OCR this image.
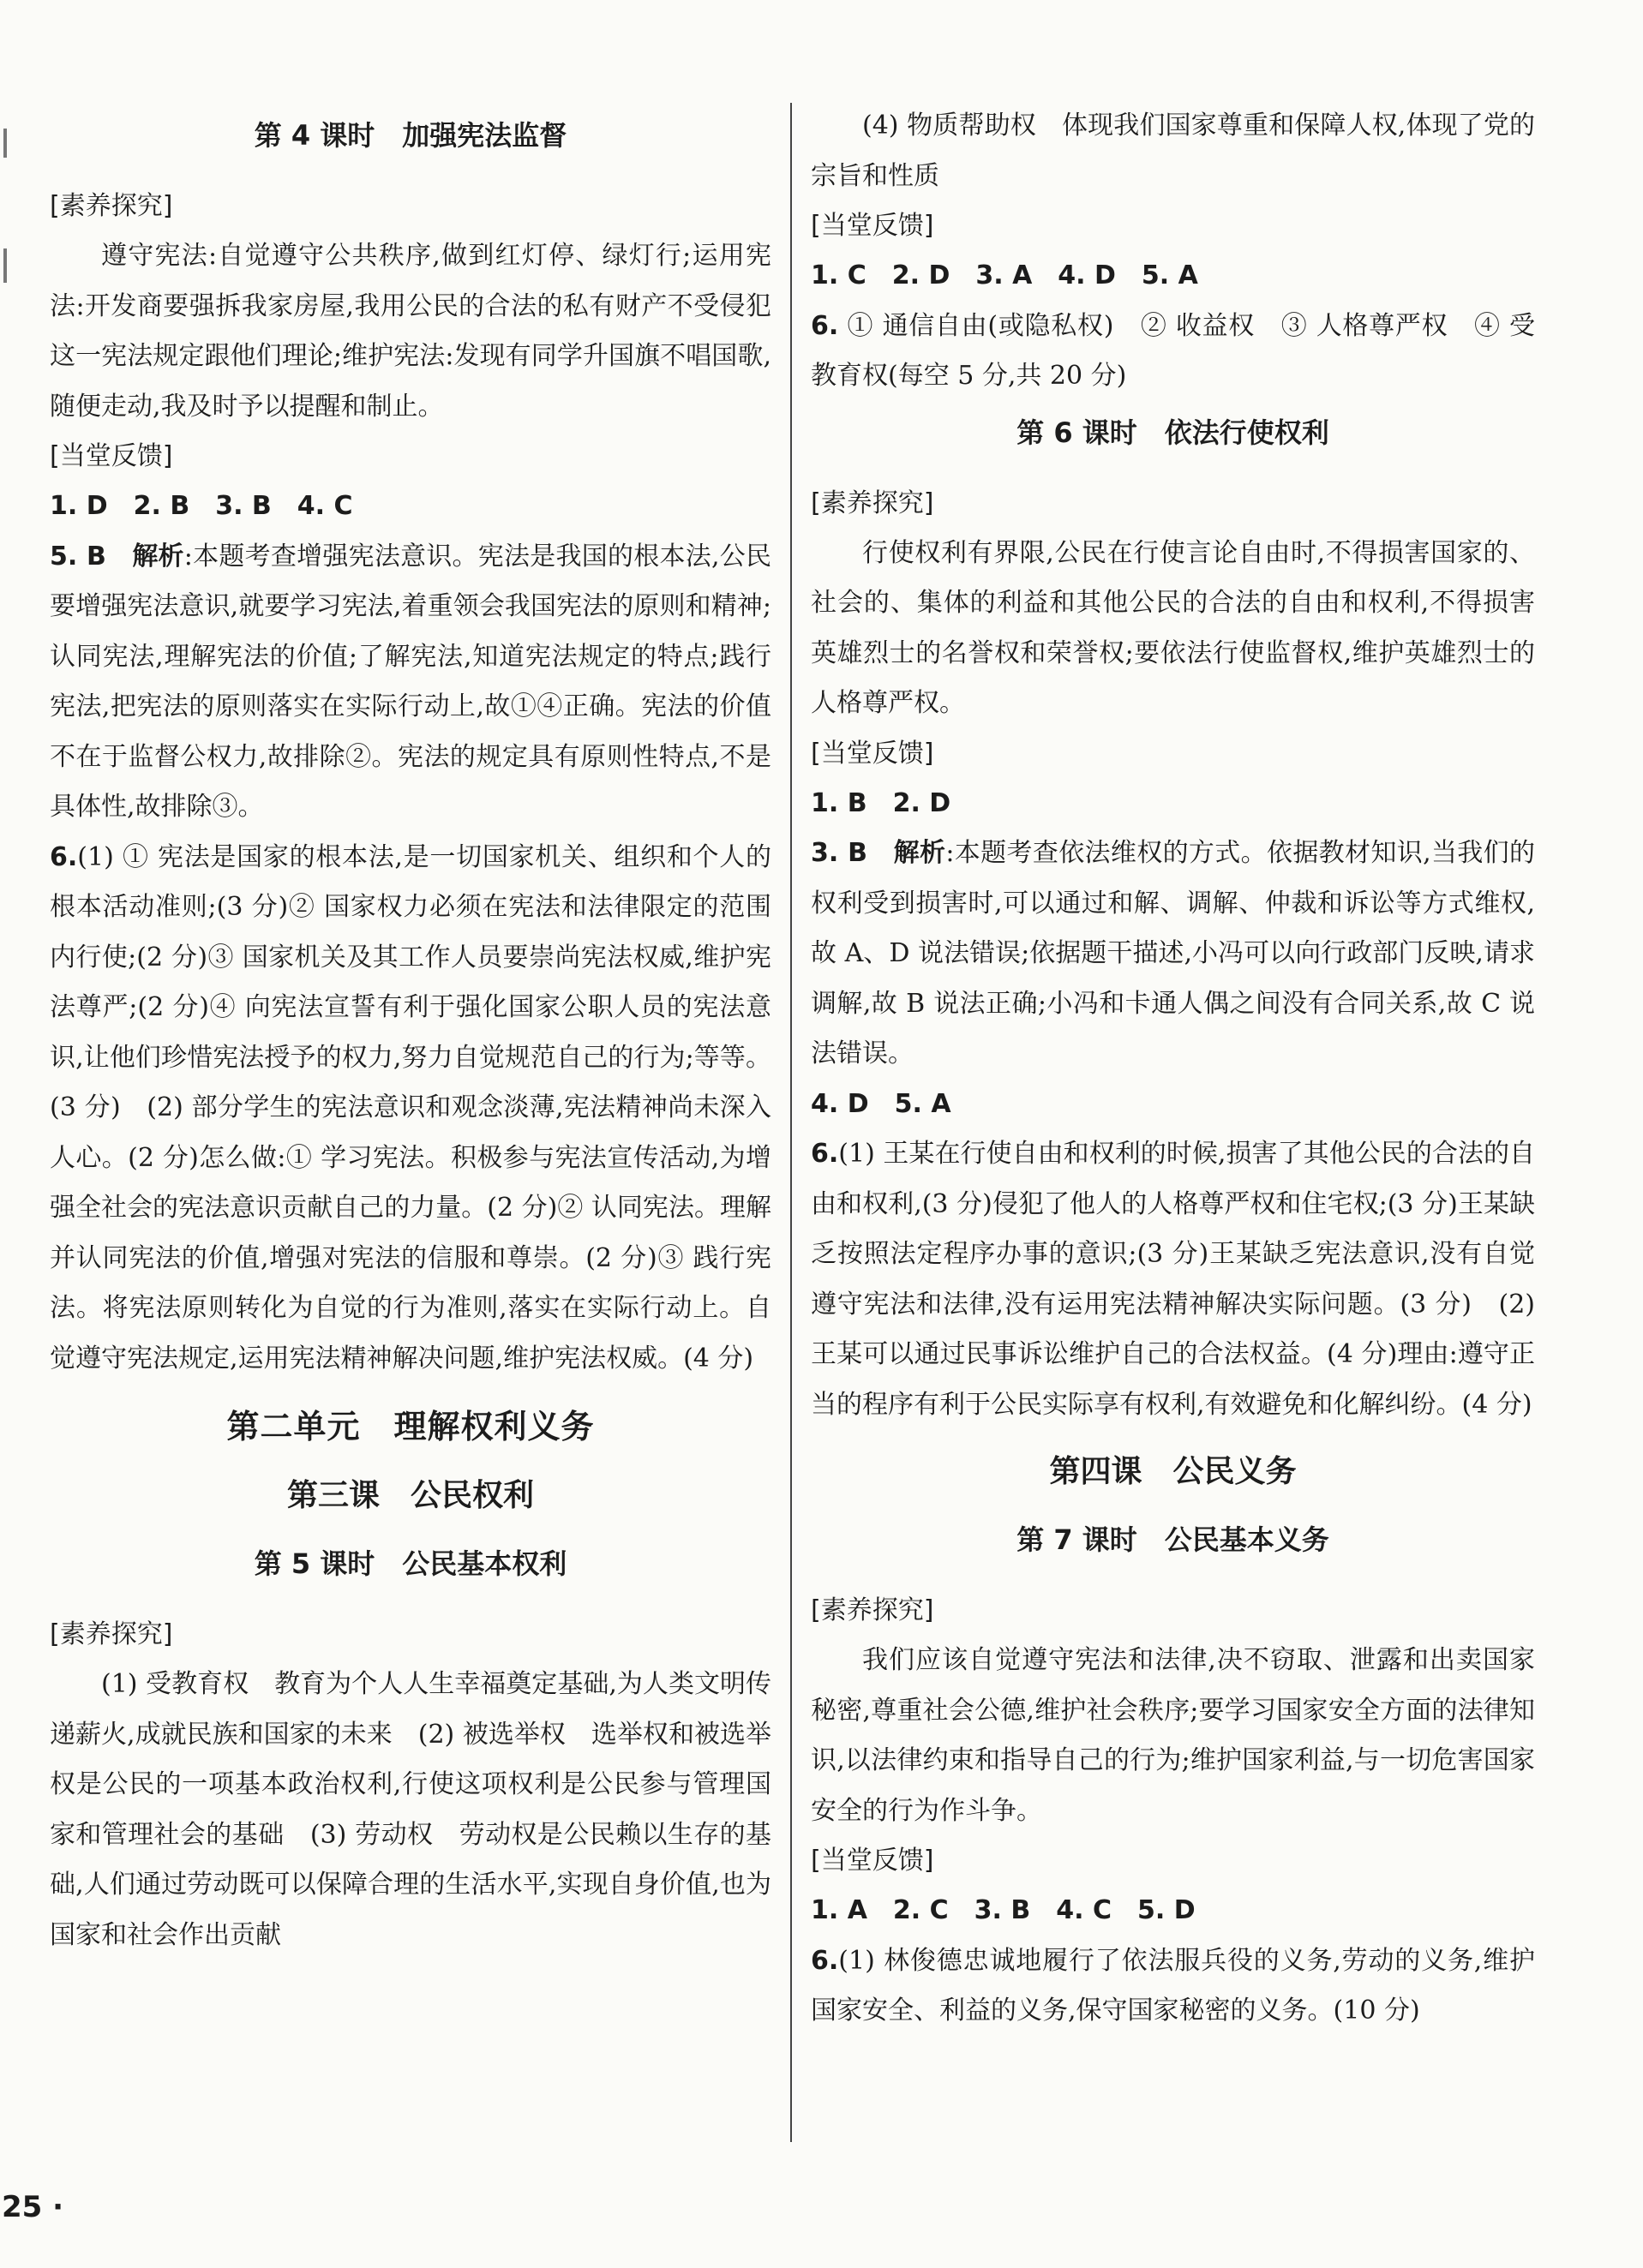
第 4 课时　加强宪法监督
[素养探究]

遵守宪法:自觉遵守公共秩序,做到红灯停、绿灯行;运用宪法:开发商要强拆我家房屋,我用公民的合法的私有财产不受侵犯这一宪法规定跟他们理论;维护宪法:发现有同学升国旗不唱国歌,随便走动,我及时予以提醒和制止。

[当堂反馈]

1. D　2. B　3. B　4. C

5. B　 解析:本题考查增强宪法意识。宪法是我国的根本法,公民要增强宪法意识,就要学习宪法,着重领会我国宪法的原则和精神;认同宪法,理解宪法的价值;了解宪法,知道宪法规定的特点;践行宪法,把宪法的原则落实在实际行动上,故①④正确。宪法的价值不在于监督公权力,故排除②。宪法的规定具有原则性特点,不是具体性,故排除③。

6.(1) ① 宪法是国家的根本法,是一切国家机关、组织和个人的根本活动准则;(3 分)② 国家权力必须在宪法和法律限定的范围内行使;(2 分)③ 国家机关及其工作人员要崇尚宪法权威,维护宪法尊严;(2 分)④ 向宪法宣誓有利于强化国家公职人员的宪法意识,让他们珍惜宪法授予的权力,努力自觉规范自己的行为;等等。(3 分)　(2) 部分学生的宪法意识和观念淡薄,宪法精神尚未深入人心。(2 分)怎么做:① 学习宪法。积极参与宪法宣传活动,为增强全社会的宪法意识贡献自己的力量。(2 分)② 认同宪法。理解并认同宪法的价值,增强对宪法的信服和尊崇。(2 分)③ 践行宪法。将宪法原则转化为自觉的行为准则,落实在实际行动上。自觉遵守宪法规定,运用宪法精神解决问题,维护宪法权威。(4 分)

第二单元　理解权利义务
第三课　公民权利
第 5 课时　公民基本权利
[素养探究]

(1) 受教育权　教育为个人人生幸福奠定基础,为人类文明传递薪火,成就民族和国家的未来　(2) 被选举权　选举权和被选举权是公民的一项基本政治权利,行使这项权利是公民参与管理国家和管理社会的基础　(3) 劳动权　劳动权是公民赖以生存的基础,人们通过劳动既可以保障合理的生活水平,实现自身价值,也为国家和社会作出贡献

(4) 物质帮助权　体现我们国家尊重和保障人权,体现了党的宗旨和性质

[当堂反馈]

1. C　2. D　3. A　4. D　5. A

6. ① 通信自由(或隐私权)　② 收益权　③ 人格尊严权　④ 受教育权(每空 5 分,共 20 分)

第 6 课时　依法行使权利
[素养探究]

行使权利有界限,公民在行使言论自由时,不得损害国家的、社会的、集体的利益和其他公民的合法的自由和权利,不得损害英雄烈士的名誉权和荣誉权;要依法行使监督权,维护英雄烈士的人格尊严权。

[当堂反馈]

1. B　2. D

3. B　 解析:本题考查依法维权的方式。依据教材知识,当我们的权利受到损害时,可以通过和解、调解、仲裁和诉讼等方式维权,故 A、D 说法错误;依据题干描述,小冯可以向行政部门反映,请求调解,故 B 说法正确;小冯和卡通人偶之间没有合同关系,故 C 说法错误。

4. D　5. A

6.(1) 王某在行使自由和权利的时候,损害了其他公民的合法的自由和权利,(3 分)侵犯了他人的人格尊严权和住宅权;(3 分)王某缺乏按照法定程序办事的意识;(3 分)王某缺乏宪法意识,没有自觉遵守宪法和法律,没有运用宪法精神解决实际问题。(3 分)　(2) 王某可以通过民事诉讼维护自己的合法权益。(4 分)理由:遵守正当的程序有利于公民实际享有权利,有效避免和化解纠纷。(4 分)

第四课　公民义务
第 7 课时　公民基本义务
[素养探究]

我们应该自觉遵守宪法和法律,决不窃取、泄露和出卖国家秘密,尊重社会公德,维护社会秩序;要学习国家安全方面的法律知识,以法律约束和指导自己的行为;维护国家利益,与一切危害国家安全的行为作斗争。

[当堂反馈]

1. A　2. C　3. B　4. C　5. D

6.(1) 林俊德忠诚地履行了依法服兵役的义务,劳动的义务,维护国家安全、利益的义务,保守国家秘密的义务。(10 分)

25 ·
